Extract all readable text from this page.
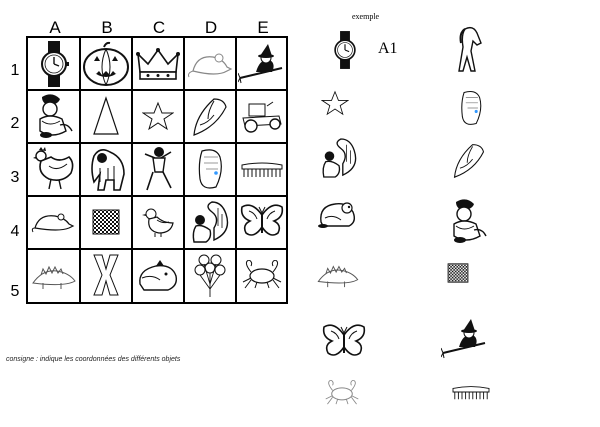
A	B	C	D	E
1
2
3
4
5
consigne : indique les coordonnées des différents objets
exemple
A1
